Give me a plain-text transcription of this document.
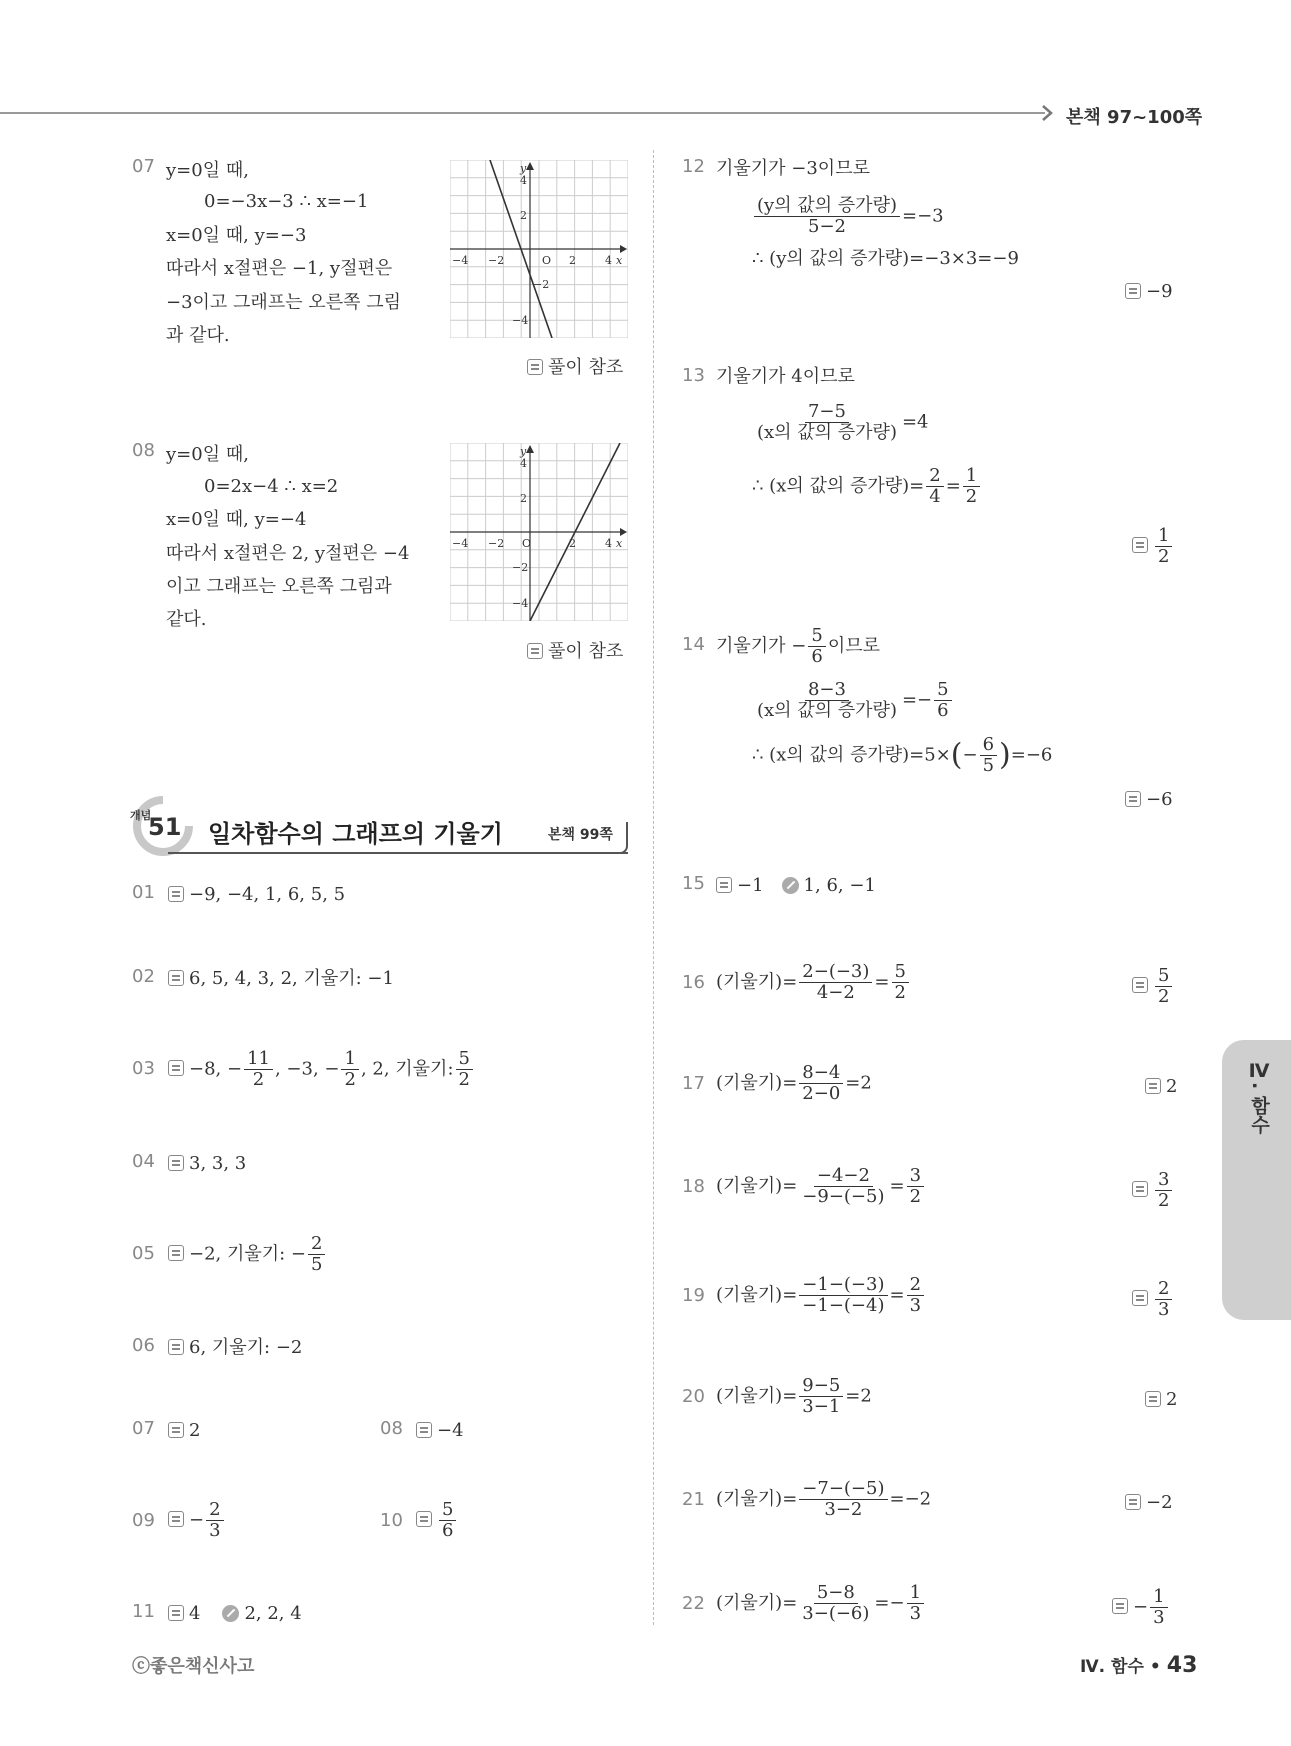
본책 97~100쪽
07 y=0일 때,
0=−3x−3 ∴ x=−1
x=0일 때, y=−3
따라서 x절편은 −1, y절편은
−3이고 그래프는 오른쪽 그림
과 같다.
y
x
O
−4 −2	2	4
4
2
−2
−4
풀이 참조
08 y=0일 때,
0=2x−4 ∴ x=2
x=0일 때, y=−4
따라서 x절편은 2, y절편은 −4
이고 그래프는 오른쪽 그림과
같다.
y
x
O
−4 −2	2	4
4
2
−2
−4
풀이 참조
개념
51 일차함수의 그래프의 기울기	본책 99쪽
01	−9, −4, 1, 6, 5, 5
02	6, 5, 4, 3, 2, 기울기: −1
03	−8, − $\frac{11}{2}$ , −3, − $\frac{1}{2}$ , 2, 기울기: $\frac{5}{2}$
04	3, 3, 3
05	−2, 기울기: − $\frac{2}{5}$
06	6, 기울기: −2
07	2	08	−4
09	− $\frac{2}{3}$	$10 \frac{5}{6}$
11	4 2, 2, 4
12 기울기가 −3이므로
$\frac{\text{(y의 값의 증가량)}}{5-2} =-3$
∴ (y의 값의 증가량)=−3×3=−9
−9
13 기울기가 4이므로
$\frac{7-5}{\text{(x의 값의 증가량)}} =4$
∴ (x의 값의 증가량)= $\frac{2}{4} = \frac{1}{2}$
$\frac{1}{2}$
14 기울기가 − $\frac{5}{6}$ 이므로
$\frac{8-3}{\text{(x의 값의 증가량)}} =- \frac{5}{6}$
∴ (x의 값의 증가량)$=5\times(- \frac{6}{5} )=-6$
−6
15	−1 1, 6, −1
16 (기울기)= $\frac{2-(-3)}{4-2} = \frac{5}{2}$	$\frac{5}{2}$
17 (기울기)= $\frac{8-4}{2-0} =2$	2
18 (기울기)= $\frac{-4-2}{-9-(-5)} = \frac{3}{2}$	$\frac{3}{2}$
19 (기울기)= $\frac{-1-(-3)}{-1-(-4)} = \frac{2}{3}$	$\frac{2}{3}$
20 (기울기)= $\frac{9-5}{3-1} =2$	2
21 (기울기)= $\frac{-7-(-5)}{3-2} =-2$	−2
22 (기울기)= $\frac{5-8}{3-(-6)} =- \frac{1}{3}$	− $\frac{1}{3}$
Ⅳ. 함수
ⓒ좋은책신사고	Ⅳ. 함수 • 43
